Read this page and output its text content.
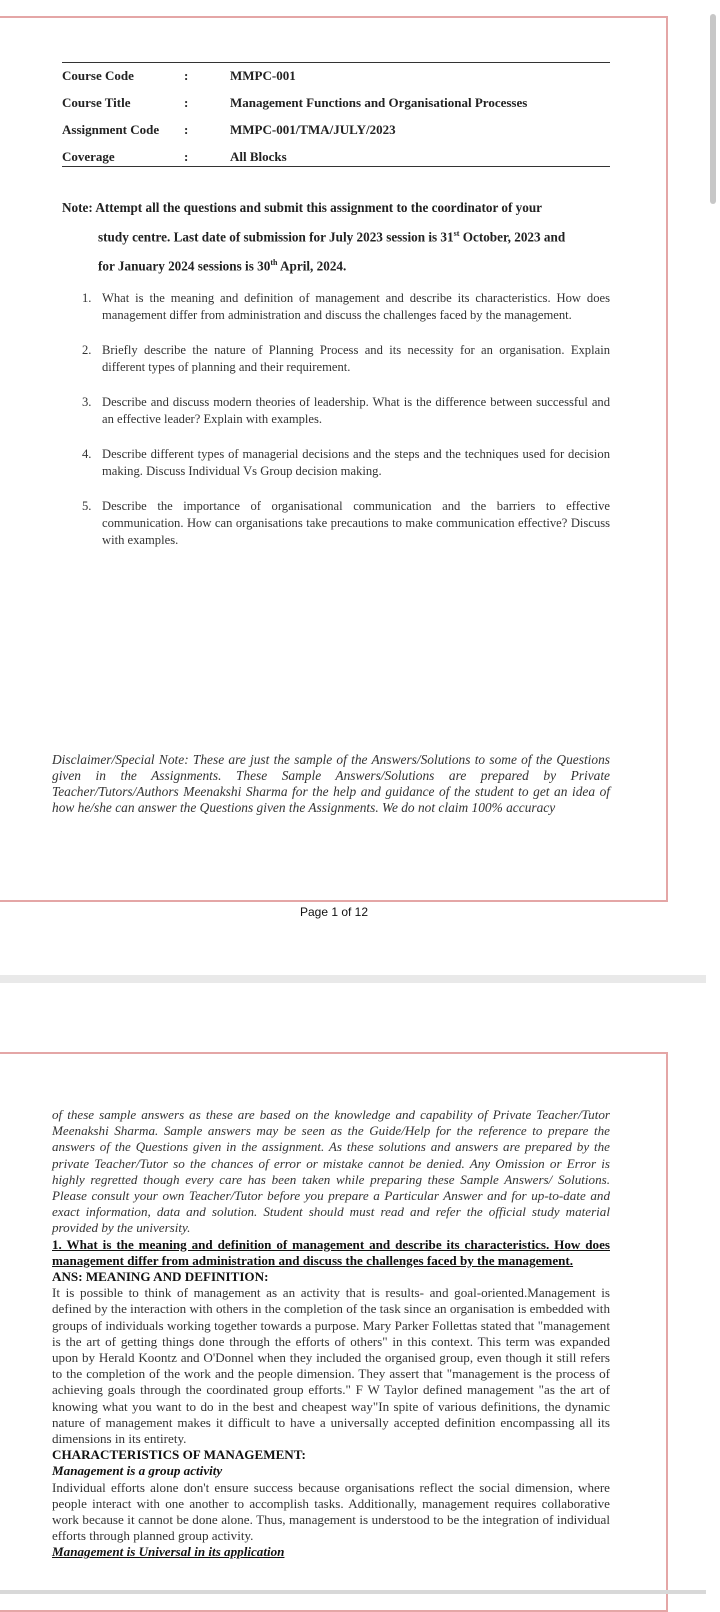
Course Code	:	MMPC-001
Course Title	:	Management Functions and Organisational Processes
Assignment Code :	MMPC-001/TMA/JULY/2023
Coverage	:	All Blocks
Note: Attempt all the questions and submit this assignment to the coordinator of your
study centre. Last date of submission for July 2023 session is 31st October, 2023 and
for January 2024 sessions is 30th April, 2024.
1. What is the meaning and definition of management and describe its characteristics. How does management differ from administration and discuss the challenges faced by the management.
2. Briefly describe the nature of Planning Process and its necessity for an organisation. Explain different types of planning and their requirement.
3. Describe and discuss modern theories of leadership. What is the difference between successful and an effective leader? Explain with examples.
4. Describe different types of managerial decisions and the steps and the techniques used for decision making. Discuss Individual Vs Group decision making.
5. Describe the importance of organisational communication and the barriers to effective communication. How can organisations take precautions to make communication effective? Discuss with examples.
Disclaimer/Special Note: These are just the sample of the Answers/Solutions to some of the Questions given in the Assignments. These Sample Answers/Solutions are prepared by Private Teacher/Tutors/Authors Meenakshi Sharma for the help and guidance of the student to get an idea of how he/she can answer the Questions given the Assignments. We do not claim 100% accuracy
Page 1 of 12
of these sample answers as these are based on the knowledge and capability of Private Teacher/Tutor Meenakshi Sharma. Sample answers may be seen as the Guide/Help for the reference to prepare the answers of the Questions given in the assignment. As these solutions and answers are prepared by the private Teacher/Tutor so the chances of error or mistake cannot be denied. Any Omission or Error is highly regretted though every care has been taken while preparing these Sample Answers/ Solutions. Please consult your own Teacher/Tutor before you prepare a Particular Answer and for up-to-date and exact information, data and solution. Student should must read and refer the official study material provided by the university.
1. What is the meaning and definition of management and describe its characteristics. How does management differ from administration and discuss the challenges faced by the management.
ANS: MEANING AND DEFINITION:
It is possible to think of management as an activity that is results- and goal-oriented.Management is defined by the interaction with others in the completion of the task since an organisation is embedded with groups of individuals working together towards a purpose. Mary Parker Follettas stated that "management is the art of getting things done through the efforts of others" in this context. This term was expanded upon by Herald Koontz and O'Donnel when they included the organised group, even though it still refers to the completion of the work and the people dimension. They assert that "management is the process of achieving goals through the coordinated group efforts." F W Taylor defined management "as the art of knowing what you want to do in the best and cheapest way"In spite of various definitions, the dynamic nature of management makes it difficult to have a universally accepted definition encompassing all its dimensions in its entirety.
CHARACTERISTICS OF MANAGEMENT:
Management is a group activity
Individual efforts alone don't ensure success because organisations reflect the social dimension, where people interact with one another to accomplish tasks. Additionally, management requires collaborative work because it cannot be done alone. Thus, management is understood to be the integration of individual efforts through planned group activity.
